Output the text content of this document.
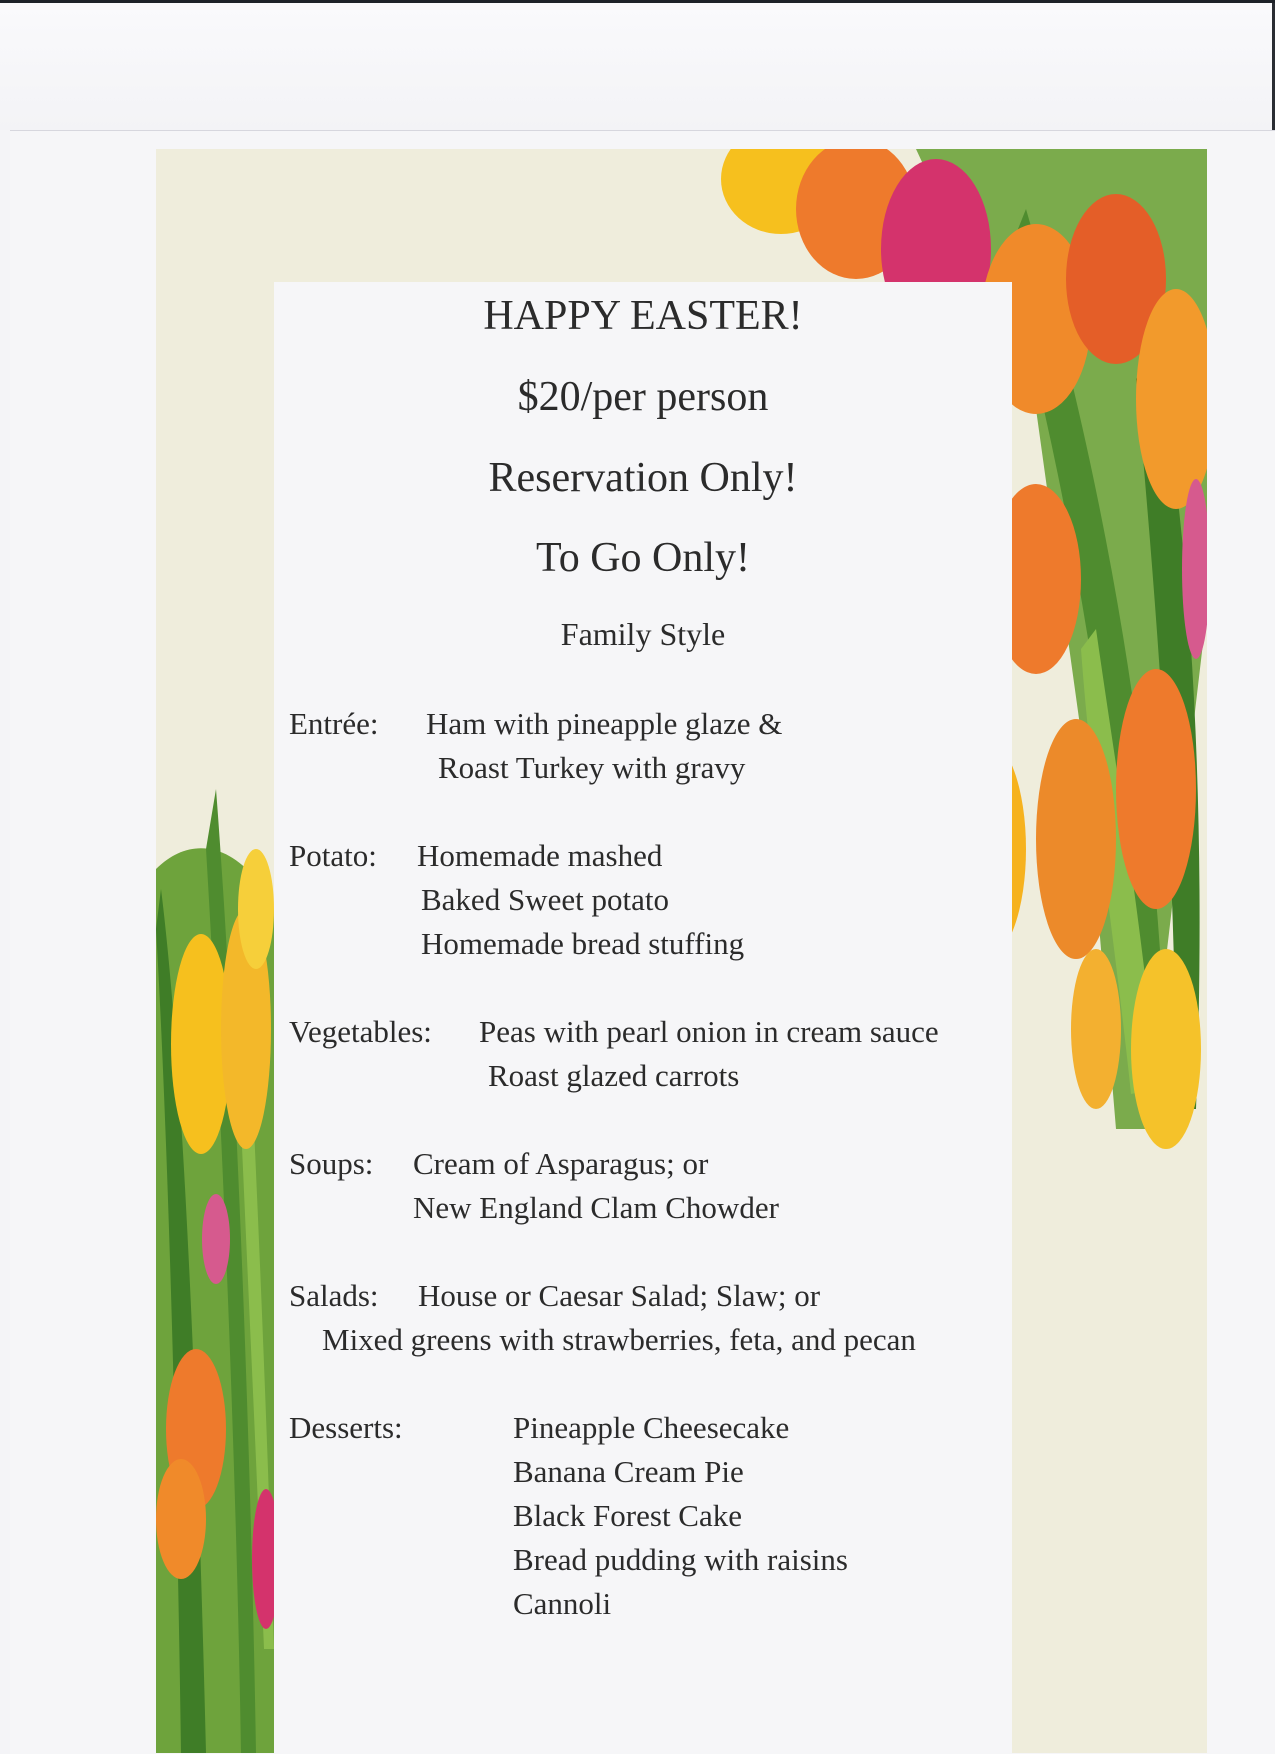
HAPPY EASTER!
$20/per person
Reservation Only!
To Go Only!
Family Style
Entrée: Ham with pineapple glaze &
Roast Turkey with gravy
Potato: Homemade mashed
Baked Sweet potato
Homemade bread stuffing
Vegetables: Peas with pearl onion in cream sauce
Roast glazed carrots
Soups: Cream of Asparagus; or
New England Clam Chowder
Salads: House or Caesar Salad; Slaw; or
Mixed greens with strawberries, feta, and pecan
Desserts:	Pineapple Cheesecake
Banana Cream Pie
Black Forest Cake
Bread pudding with raisins
Cannoli
